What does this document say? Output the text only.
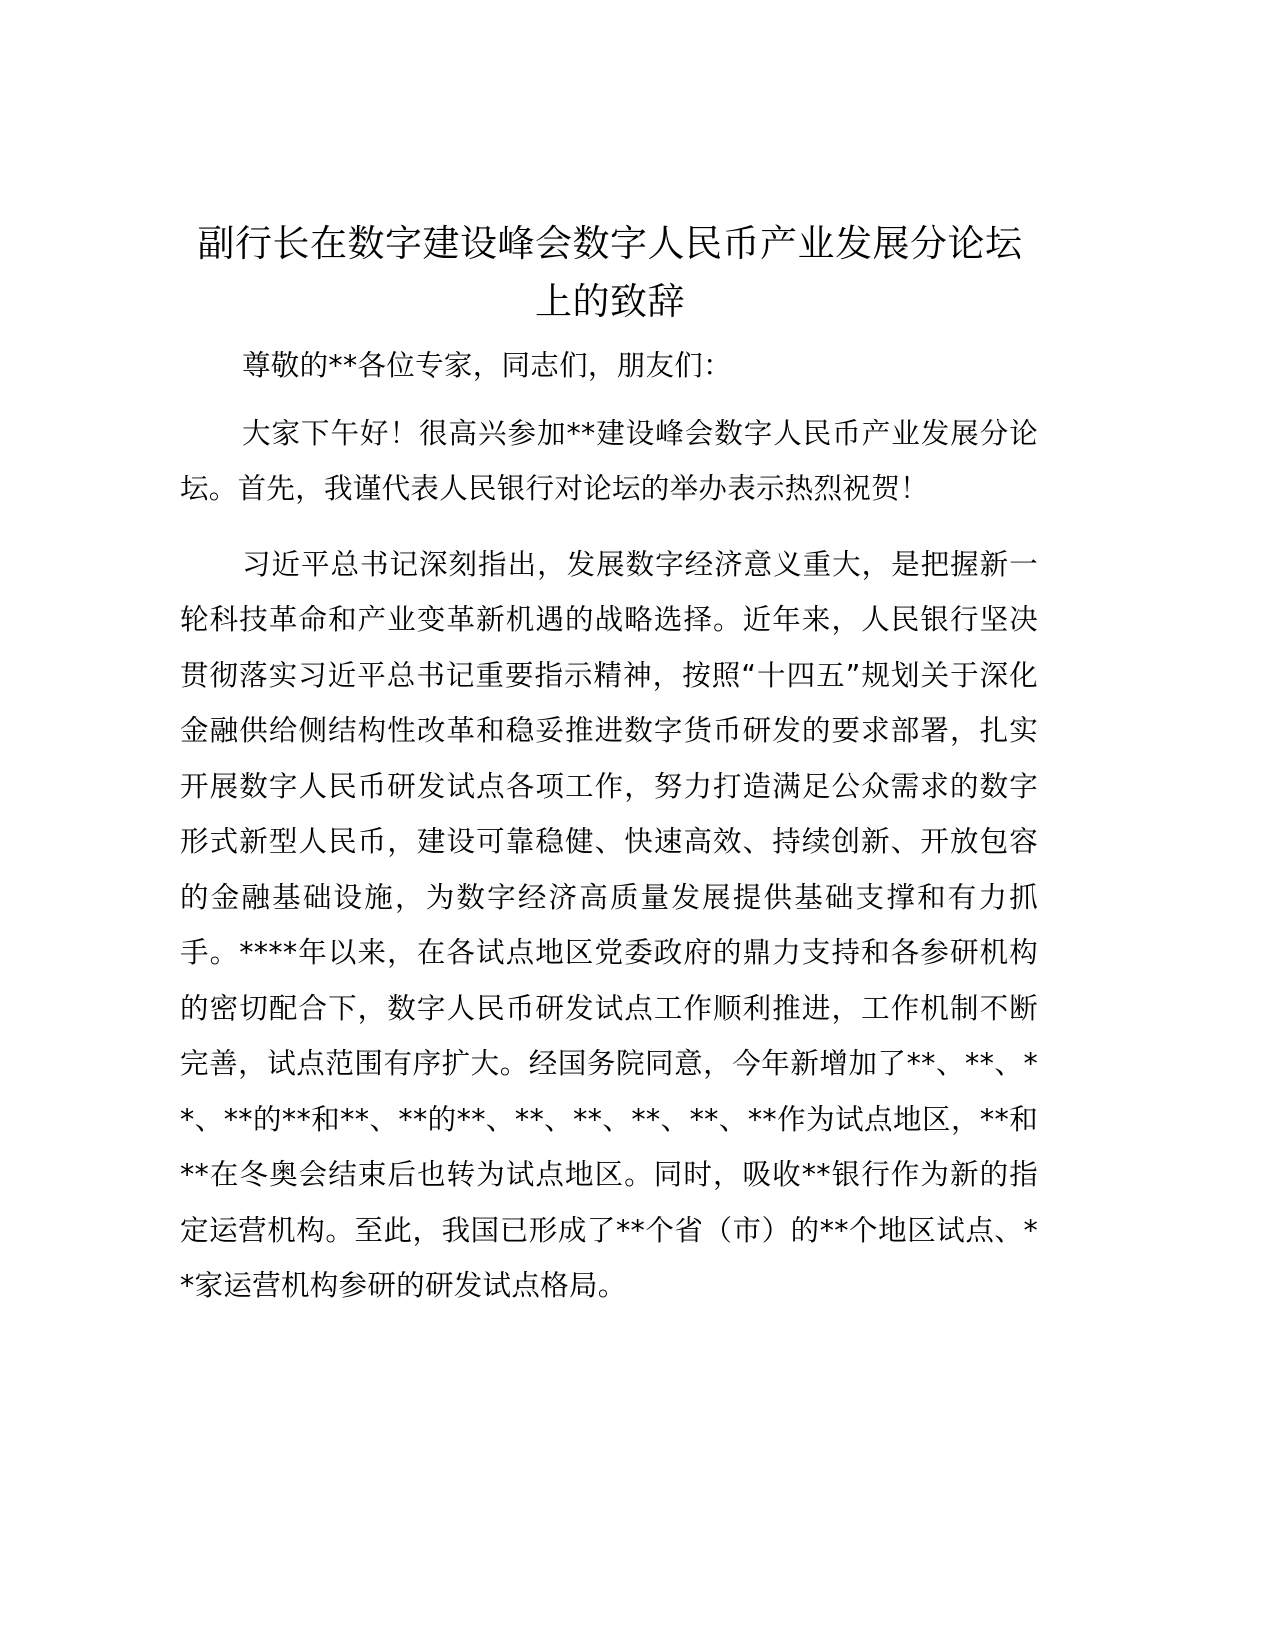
副行长在数字建设峰会数字人民币产业发展分论坛上的致辞

尊敬的**各位专家，同志们，朋友们：

大家下午好！很高兴参加**建设峰会数字人民币产业发展分论坛。首先，我谨代表人民银行对论坛的举办表示热烈祝贺！

习近平总书记深刻指出，发展数字经济意义重大，是把握新一轮科技革命和产业变革新机遇的战略选择。近年来，人民银行坚决贯彻落实习近平总书记重要指示精神，按照“十四五”规划关于深化金融供给侧结构性改革和稳妥推进数字货币研发的要求部署，扎实开展数字人民币研发试点各项工作，努力打造满足公众需求的数字形式新型人民币，建设可靠稳健、快速高效、持续创新、开放包容的金融基础设施，为数字经济高质量发展提供基础支撑和有力抓手。****年以来，在各试点地区党委政府的鼎力支持和各参研机构的密切配合下，数字人民币研发试点工作顺利推进，工作机制不断完善，试点范围有序扩大。经国务院同意，今年新增加了**、**、**、**的**和**、**的**、**、**、**、**、**作为试点地区，**和**在冬奥会结束后也转为试点地区。同时，吸收**银行作为新的指定运营机构。至此，我国已形成了**个省（市）的**个地区试点、**家运营机构参研的研发试点格局。
